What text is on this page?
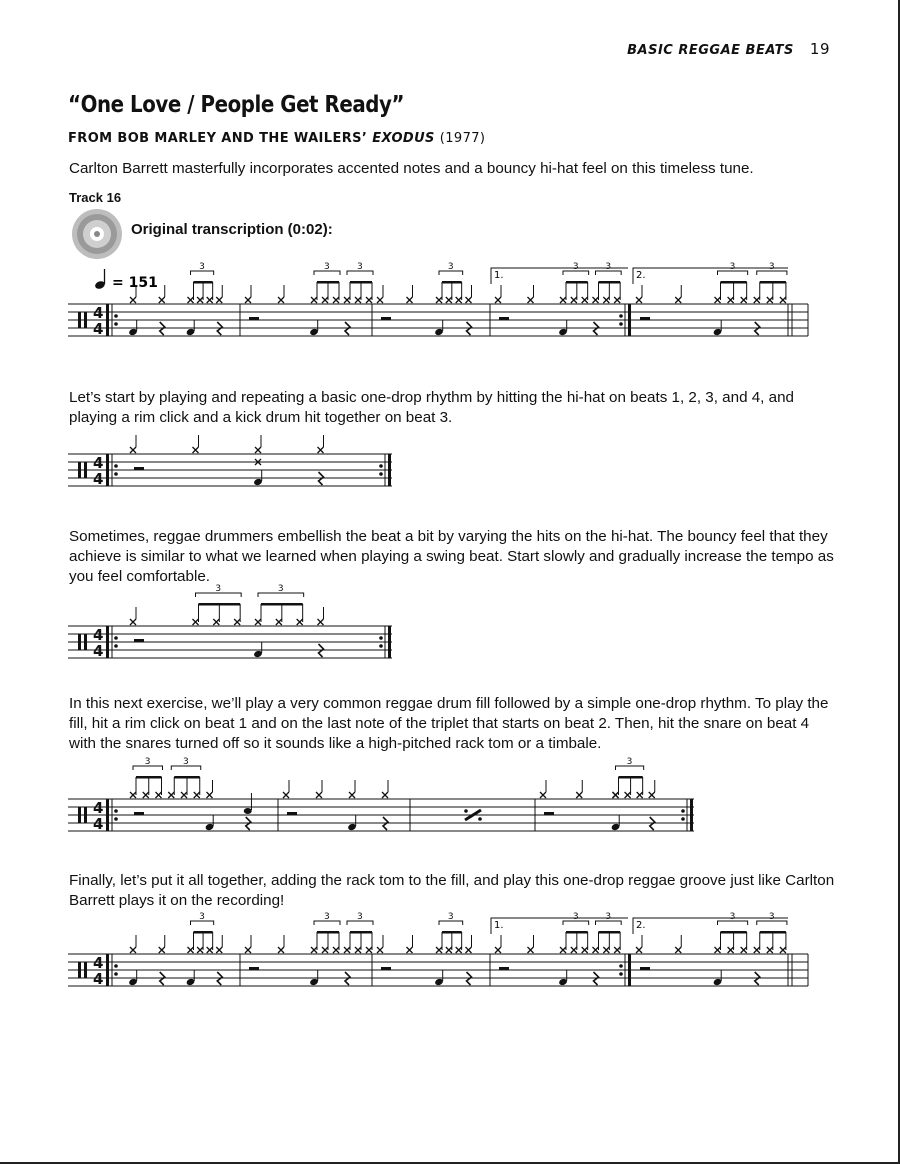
BASIC REGGAE BEATS 19
“One Love / People Get Ready”
FROM BOB MARLEY AND THE WAILERS’ EXODUS (1977)
Carlton Barrett masterfully incorporates accented notes and a bouncy hi-hat feel on this timeless tune.
Track 16
Original transcription (0:02):
= 151	1.	2.
4
4
3	3	3	3	3	3	3	3
Let’s start by playing and repeating a basic one-drop rhythm by hitting the hi-hat on beats 1, 2, 3, and 4, and playing a rim click and a kick drum hit together on beat 3.
4
4
Sometimes, reggae drummers embellish the beat a bit by varying the hits on the hi-hat. The bouncy feel that they achieve is similar to what we learned when playing a swing beat. Start slowly and gradually increase the tempo as you feel comfortable.
4
4
3	3
In this next exercise, we’ll play a very common reggae drum fill followed by a simple one-drop rhythm. To play the fill, hit a rim click on beat 1 and on the last note of the triplet that starts on beat 2. Then, hit the snare on beat 4 with the snares turned off so it sounds like a high-pitched rack tom or a timbale.
4
4
3	3	3
Finally, let’s put it all together, adding the rack tom to the fill, and play this one-drop reggae groove just like Carlton Barrett plays it on the recording!
1.	2.
4
4
3	3	3	3	3	3	3	3
